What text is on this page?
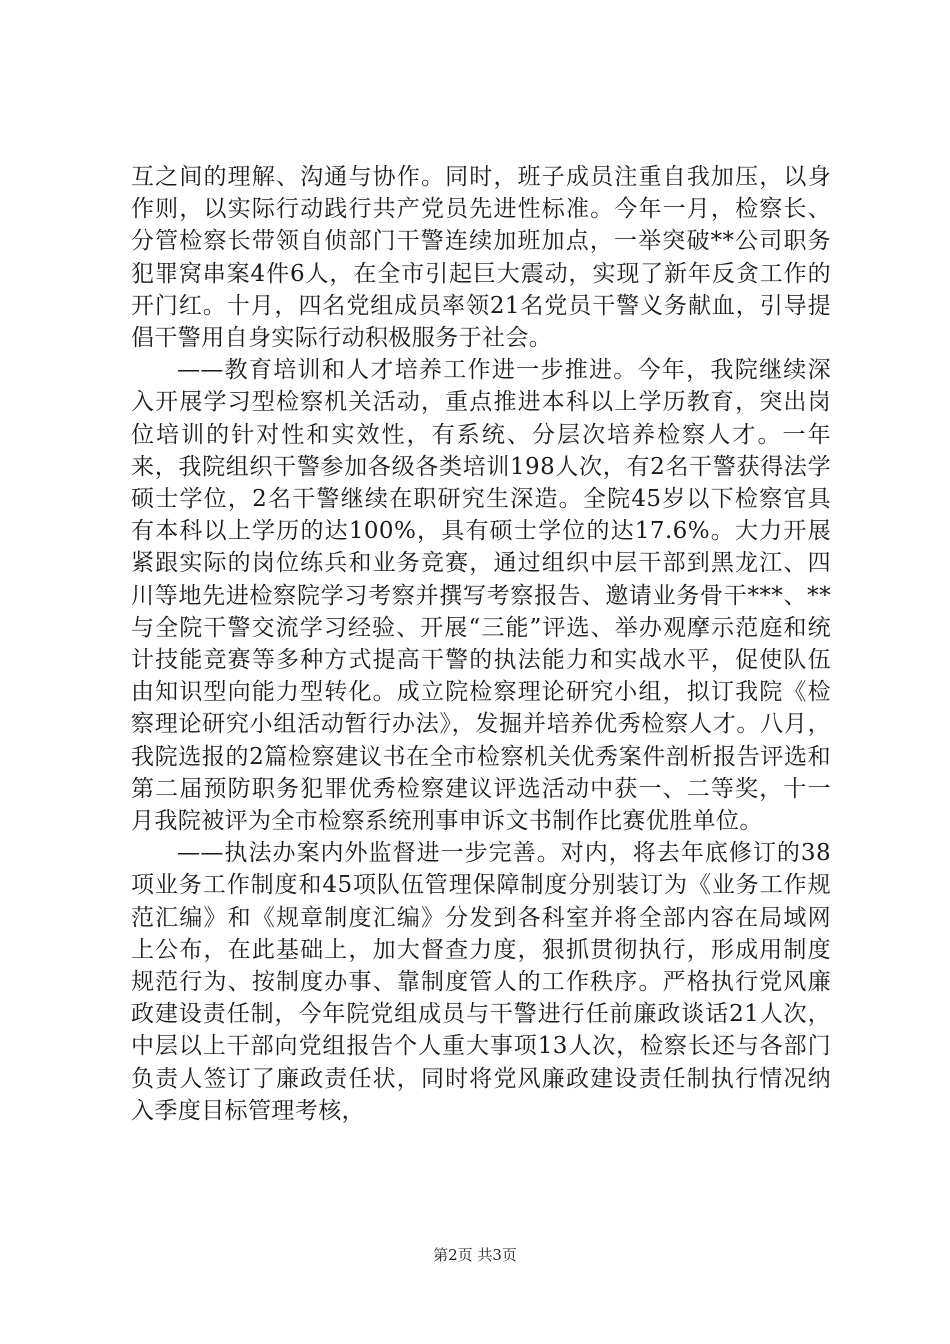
互之间的理解、沟通与协作。同时，班子成员注重自我加压，以身作则，以实际行动践行共产党员先进性标准。今年一月，检察长、分管检察长带领自侦部门干警连续加班加点，一举突破**公司职务犯罪窝串案4件6人，在全市引起巨大震动，实现了新年反贪工作的开门红。十月，四名党组成员率领21名党员干警义务献血，引导提倡干警用自身实际行动积极服务于社会。

——教育培训和人才培养工作进一步推进。今年，我院继续深入开展学习型检察机关活动，重点推进本科以上学历教育，突出岗位培训的针对性和实效性，有系统、分层次培养检察人才。一年来，我院组织干警参加各级各类培训198人次，有2名干警获得法学硕士学位，2名干警继续在职研究生深造。全院45岁以下检察官具有本科以上学历的达100%，具有硕士学位的达17.6%。大力开展紧跟实际的岗位练兵和业务竞赛，通过组织中层干部到黑龙江、四川等地先进检察院学习考察并撰写考察报告、邀请业务骨干***、**与全院干警交流学习经验、开展“三能”评选、举办观摩示范庭和统计技能竞赛等多种方式提高干警的执法能力和实战水平，促使队伍由知识型向能力型转化。成立院检察理论研究小组，拟订我院《检察理论研究小组活动暂行办法》，发掘并培养优秀检察人才。八月，我院选报的2篇检察建议书在全市检察机关优秀案件剖析报告评选和第二届预防职务犯罪优秀检察建议评选活动中获一、二等奖，十一月我院被评为全市检察系统刑事申诉文书制作比赛优胜单位。

——执法办案内外监督进一步完善。对内，将去年底修订的38项业务工作制度和45项队伍管理保障制度分别装订为《业务工作规范汇编》和《规章制度汇编》分发到各科室并将全部内容在局域网上公布，在此基础上，加大督查力度，狠抓贯彻执行，形成用制度规范行为、按制度办事、靠制度管人的工作秩序。严格执行党风廉政建设责任制，今年院党组成员与干警进行任前廉政谈话21人次，中层以上干部向党组报告个人重大事项13人次，检察长还与各部门负责人签订了廉政责任状，同时将党风廉政建设责任制执行情况纳入季度目标管理考核，

第2页 共3页
